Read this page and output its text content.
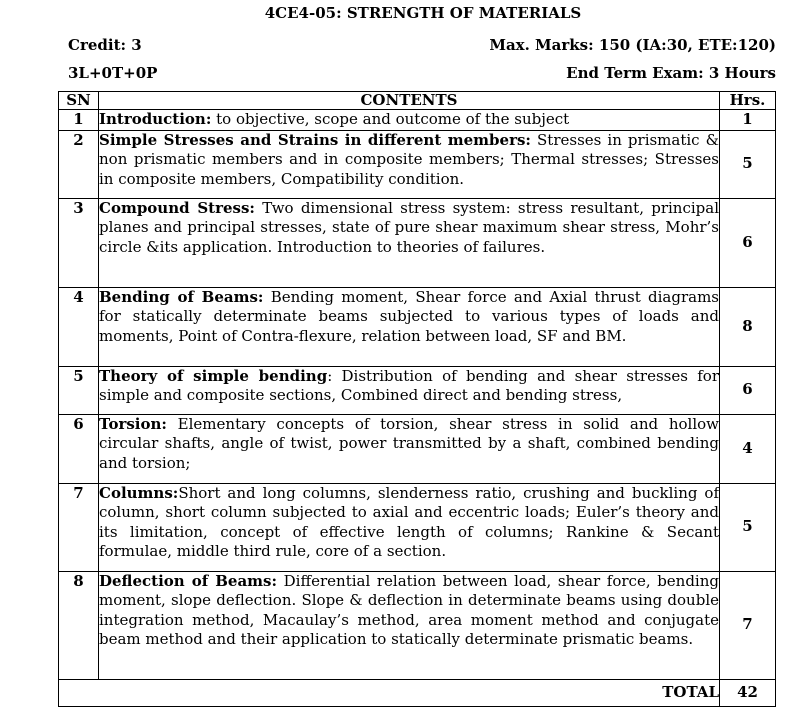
4CE4-05: STRENGTH OF MATERIALS
Credit: 3
3L+0T+0P
Max. Marks: 150 (IA:30, ETE:120)
End Term Exam: 3 Hours
SN	CONTENTS	Hrs.
1	Introduction: to objective, scope and outcome of the subject	1
2	Simple Stresses and Strains in different members: Stresses in prismatic & non prismatic members and in composite members; Thermal stresses; Stresses in composite members, Compatibility condition.	5
3	Compound Stress: Two dimensional stress system: stress resultant, principal planes and principal stresses, state of pure shear maximum shear stress, Mohr’s circle &its application. Introduction to theories of failures.	6
4	Bending of Beams: Bending moment, Shear force and Axial thrust diagrams for statically determinate beams subjected to various types of loads and moments, Point of Contra-flexure, relation between load, SF and BM.	8
5	Theory of simple bending: Distribution of bending and shear stresses for simple and composite sections, Combined direct and bending stress,	6
6	Torsion: Elementary concepts of torsion, shear stress in solid and hollow circular shafts, angle of twist, power transmitted by a shaft, combined bending and torsion;	4
7	Columns:Short and long columns, slenderness ratio, crushing and buckling of column, short column subjected to axial and eccentric loads; Euler’s theory and its limitation, concept of effective length of columns; Rankine & Secant formulae, middle third rule, core of a section.	5
8	Deflection of Beams: Differential relation between load, shear force, bending moment, slope deflection. Slope & deflection in determinate beams using double integration method, Macaulay’s method, area moment method and conjugate beam method and their application to statically determinate prismatic beams.	7
TOTAL		42
